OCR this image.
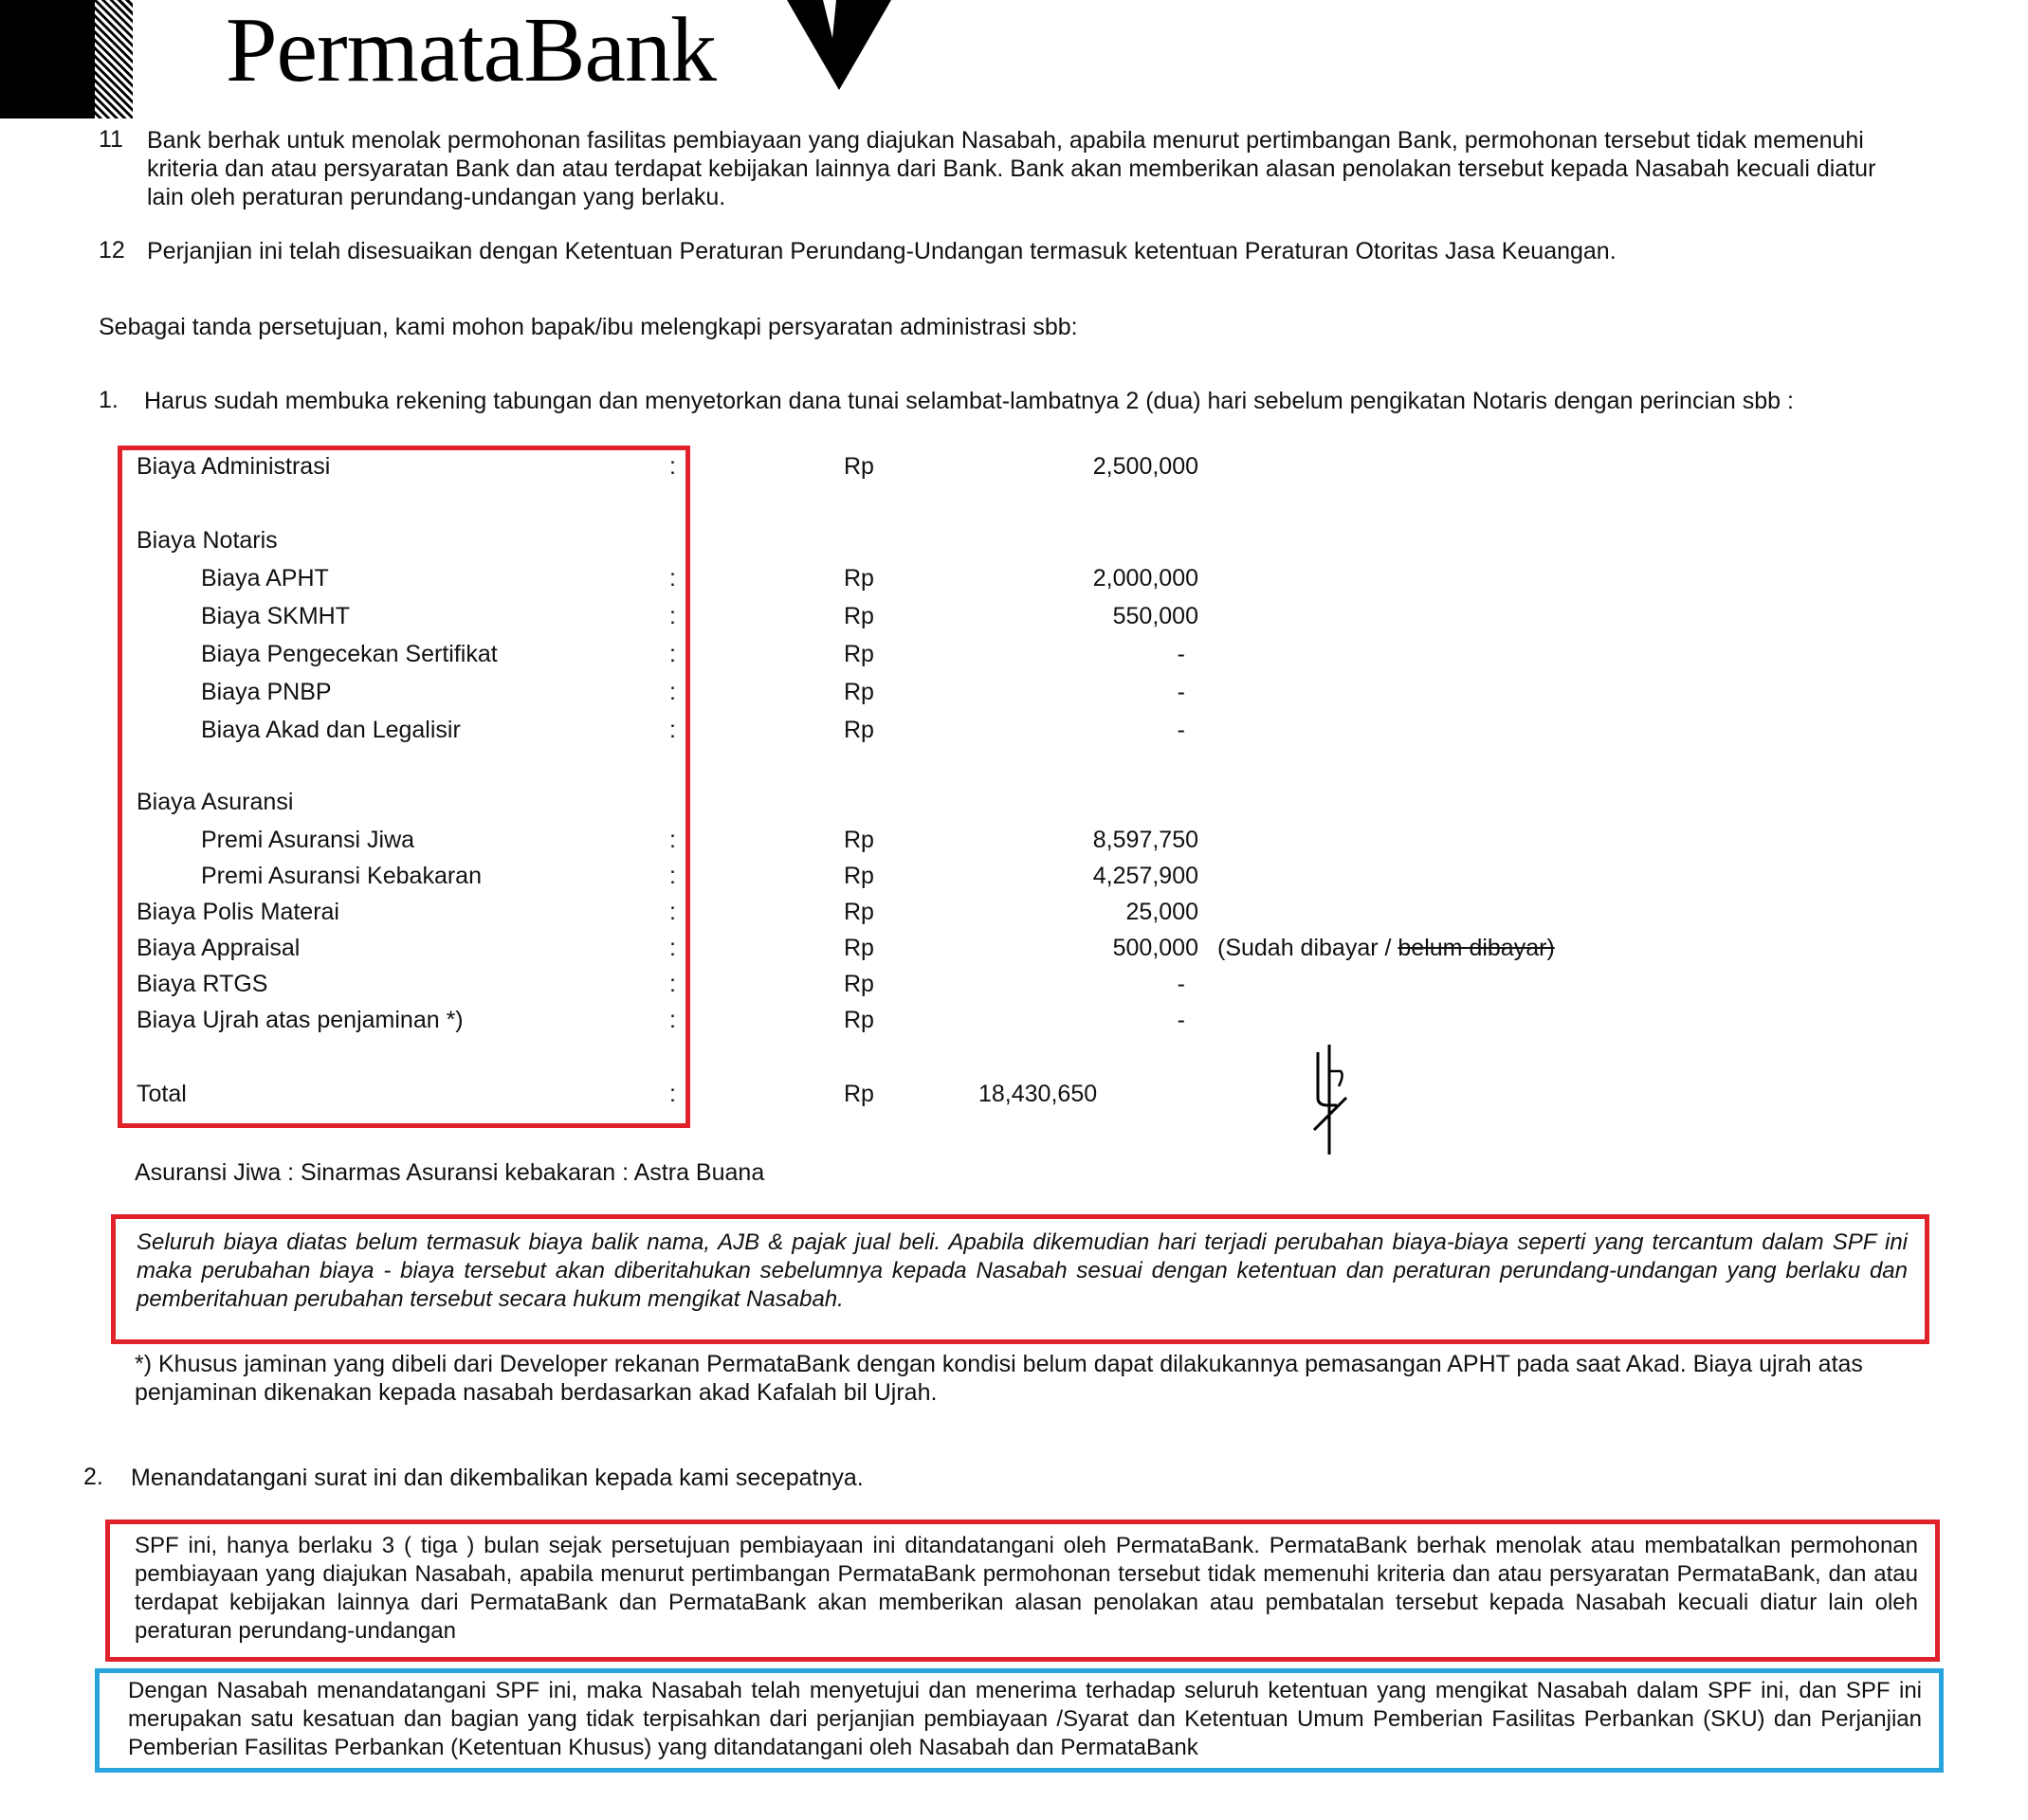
PermataBank
11 Bank berhak untuk menolak permohonan fasilitas pembiayaan yang diajukan Nasabah, apabila menurut pertimbangan Bank, permohonan tersebut tidak memenuhi kriteria dan atau persyaratan Bank dan atau terdapat kebijakan lainnya dari Bank. Bank akan memberikan alasan penolakan tersebut kepada Nasabah kecuali diatur lain oleh peraturan perundang-undangan yang berlaku.
12 Perjanjian ini telah disesuaikan dengan Ketentuan Peraturan Perundang-Undangan termasuk ketentuan Peraturan Otoritas Jasa Keuangan.
Sebagai tanda persetujuan, kami mohon bapak/ibu melengkapi persyaratan administrasi sbb:
1. Harus sudah membuka rekening tabungan dan menyetorkan dana tunai selambat-lambatnya 2 (dua) hari sebelum pengikatan Notaris dengan perincian sbb :
Biaya Administrasi	:	Rp	2,500,000
Biaya Notaris
Biaya APHT	:	Rp	2,000,000
Biaya SKMHT	:	Rp	550,000
Biaya Pengecekan Sertifikat	:	Rp	-
Biaya PNBP	:	Rp	-
Biaya Akad dan Legalisir	:	Rp	-
Biaya Asuransi
Premi Asuransi Jiwa	:	Rp	8,597,750
Premi Asuransi Kebakaran	:	Rp	4,257,900
Biaya Polis Materai	:	Rp	25,000
Biaya Appraisal	:	Rp	500,000 (Sudah dibayar / belum dibayar)
Biaya RTGS	:	Rp	-
Biaya Ujrah atas penjaminan *)	:	Rp	-
Total	:	Rp	18,430,650
Asuransi Jiwa : Sinarmas Asuransi kebakaran : Astra Buana
Seluruh biaya diatas belum termasuk biaya balik nama, AJB & pajak jual beli. Apabila dikemudian hari terjadi perubahan biaya-biaya seperti yang tercantum dalam SPF ini maka perubahan biaya - biaya tersebut akan diberitahukan sebelumnya kepada Nasabah sesuai dengan ketentuan dan peraturan perundang-undangan yang berlaku dan pemberitahuan perubahan tersebut secara hukum mengikat Nasabah.
*) Khusus jaminan yang dibeli dari Developer rekanan PermataBank dengan kondisi belum dapat dilakukannya pemasangan APHT pada saat Akad. Biaya ujrah atas penjaminan dikenakan kepada nasabah berdasarkan akad Kafalah bil Ujrah.
2. Menandatangani surat ini dan dikembalikan kepada kami secepatnya.
SPF ini, hanya berlaku 3 ( tiga ) bulan sejak persetujuan pembiayaan ini ditandatangani oleh PermataBank. PermataBank berhak menolak atau membatalkan permohonan pembiayaan yang diajukan Nasabah, apabila menurut pertimbangan PermataBank permohonan tersebut tidak memenuhi kriteria dan atau persyaratan PermataBank, dan atau terdapat kebijakan lainnya dari PermataBank dan PermataBank akan memberikan alasan penolakan atau pembatalan tersebut kepada Nasabah kecuali diatur lain oleh peraturan perundang-undangan
Dengan Nasabah menandatangani SPF ini, maka Nasabah telah menyetujui dan menerima terhadap seluruh ketentuan yang mengikat Nasabah dalam SPF ini, dan SPF ini merupakan satu kesatuan dan bagian yang tidak terpisahkan dari perjanjian pembiayaan /Syarat dan Ketentuan Umum Pemberian Fasilitas Perbankan (SKU) dan Perjanjian Pemberian Fasilitas Perbankan (Ketentuan Khusus) yang ditandatangani oleh Nasabah dan PermataBank
